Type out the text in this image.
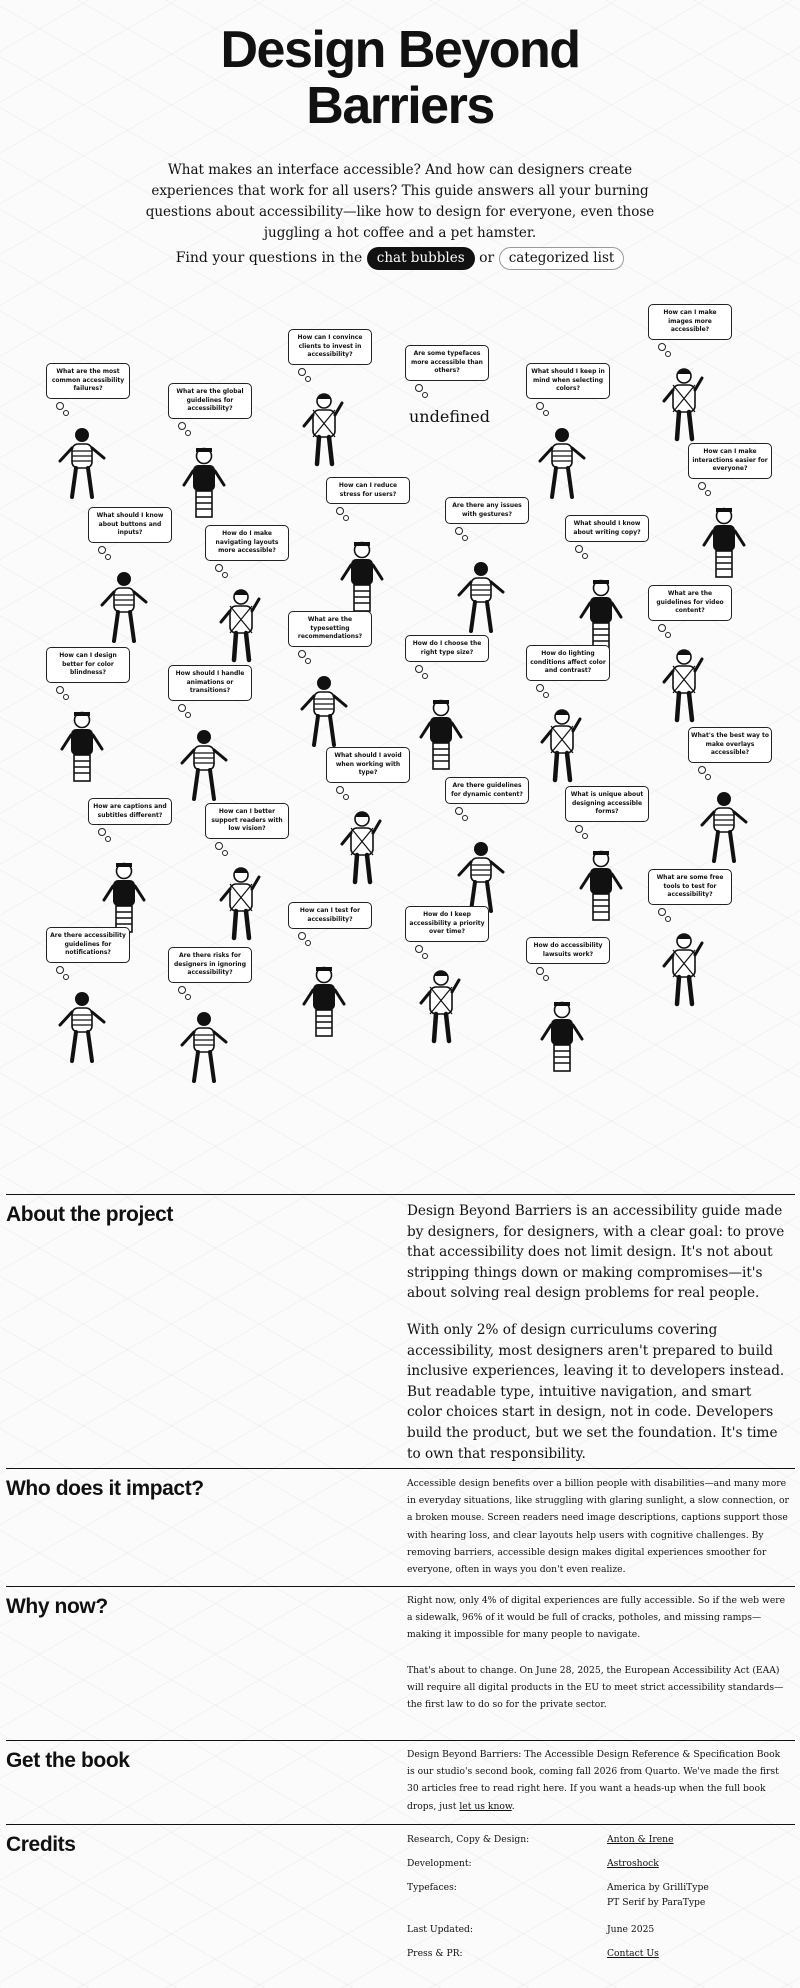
Design Beyond
Barriers

What makes an interface accessible? And how can designers create experiences that work for all users? This guide answers all your burning questions about accessibility—like how to design for everyone, even those juggling a hot coffee and a pet hamster.

Find your questions in the chat bubbles or categorized list
What are the most common accessibility failures?	What are the global guidelines for accessibility?
How can I convince clients to invest in accessibility?	Are some typefaces more accessible than others?
undefined
What should I keep in mind when selecting colors?
How can I make images more accessible?
How can I make interactions easier for everyone?
What should I know about buttons and inputs?	How do I make navigating layouts more accessible?
How can I reduce stress for users?
Are there any issues with gestures?
What should I know about writing copy?
What are the guidelines for video content?
What are the typesetting recommendations?
How do I choose the right type size?	How do lighting conditions affect color and contrast?
How can I design better for color blindness?	How should I handle animations or transitions?
What should I avoid when working with type?
What's the best way to make overlays accessible?
How are captions and subtitles different?	How can I better support readers with low vision?
Are there guidelines for dynamic content?	What is unique about designing accessible forms?
What are some free tools to test for accessibility?
Are there accessibility guidelines for notifications?
How can I test for accessibility?
How do I keep accessibility a priority over time?
Are there risks for designers in ignoring accessibility?
How do accessibility lawsuits work?
About the project	Design Beyond Barriers is an accessibility guide made by designers, for designers, with a clear goal: to prove that accessibility does not limit design. It's not about stripping things down or making compromises—it's about solving real design problems for real people.

With only 2% of design curriculums covering accessibility, most designers aren't prepared to build inclusive experiences, leaving it to developers instead. But readable type, intuitive navigation, and smart color choices start in design, not in code. Developers build the product, but we set the foundation. It's time to own that responsibility.

Who does it impact?	Accessible design benefits over a billion people with disabilities—and many more in everyday situations, like struggling with glaring sunlight, a slow connection, or a broken mouse. Screen readers need image descriptions, captions support those with hearing loss, and clear layouts help users with cognitive challenges. By removing barriers, accessible design makes digital experiences smoother for everyone, often in ways you don't even realize.

Why now?	Right now, only 4% of digital experiences are fully accessible. So if the web were a sidewalk, 96% of it would be full of cracks, potholes, and missing ramps—making it impossible for many people to navigate.

That's about to change. On June 28, 2025, the European Accessibility Act (EAA) will require all digital products in the EU to meet strict accessibility standards—the first law to do so for the private sector.

Get the book	Design Beyond Barriers: The Accessible Design Reference & Specification Book is our studio's second book, coming fall 2026 from Quarto. We've made the first 30 articles free to read right here. If you want a heads-up when the full book drops, just let us know.

Credits	Research, Copy & Design:	Anton & Irene
Development:	Astroshock
Typefaces:	America by GrilliType
PT Serif by ParaType
Last Updated:	June 2025
Press & PR:	Contact Us
